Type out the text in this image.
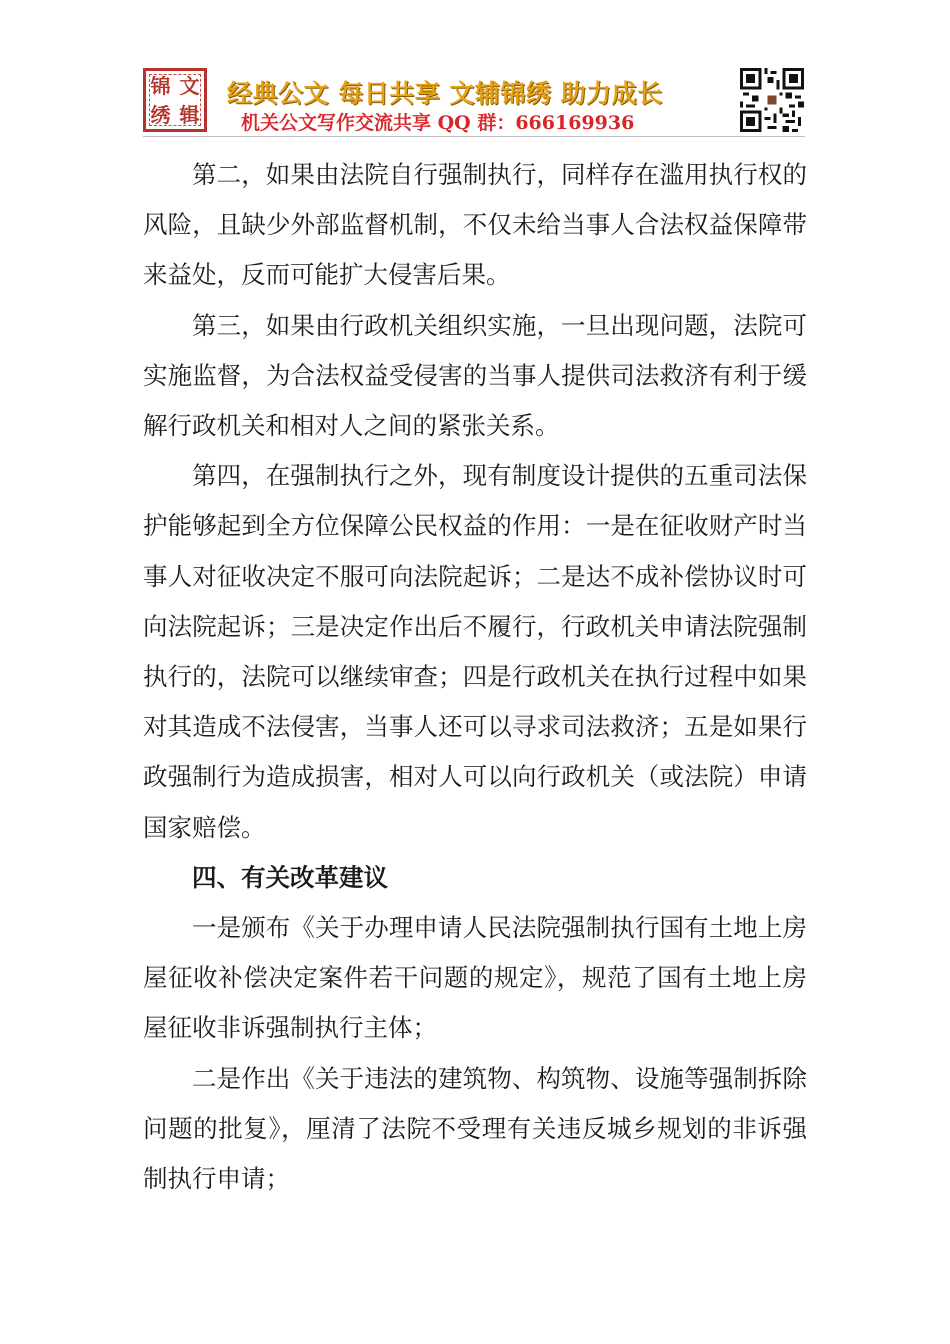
锦 文
绣 辑
经典公文 每日共享 文辅锦绣 助力成长
机关公文写作交流共享 QQ 群：666169936

第二，如果由法院自行强制执行，同样存在滥用执行权的风险，且缺少外部监督机制，不仅未给当事人合法权益保障带来益处，反而可能扩大侵害后果。

第三，如果由行政机关组织实施，一旦出现问题，法院可实施监督，为合法权益受侵害的当事人提供司法救济有利于缓解行政机关和相对人之间的紧张关系。

第四，在强制执行之外，现有制度设计提供的五重司法保护能够起到全方位保障公民权益的作用：一是在征收财产时当事人对征收决定不服可向法院起诉；二是达不成补偿协议时可向法院起诉；三是决定作出后不履行，行政机关申请法院强制执行的，法院可以继续审查；四是行政机关在执行过程中如果对其造成不法侵害，当事人还可以寻求司法救济；五是如果行政强制行为造成损害，相对人可以向行政机关（或法院）申请国家赔偿。

四、有关改革建议

一是颁布《关于办理申请人民法院强制执行国有土地上房屋征收补偿决定案件若干问题的规定》，规范了国有土地上房屋征收非诉强制执行主体；

二是作出《关于违法的建筑物、构筑物、设施等强制拆除问题的批复》，厘清了法院不受理有关违反城乡规划的非诉强制执行申请；
